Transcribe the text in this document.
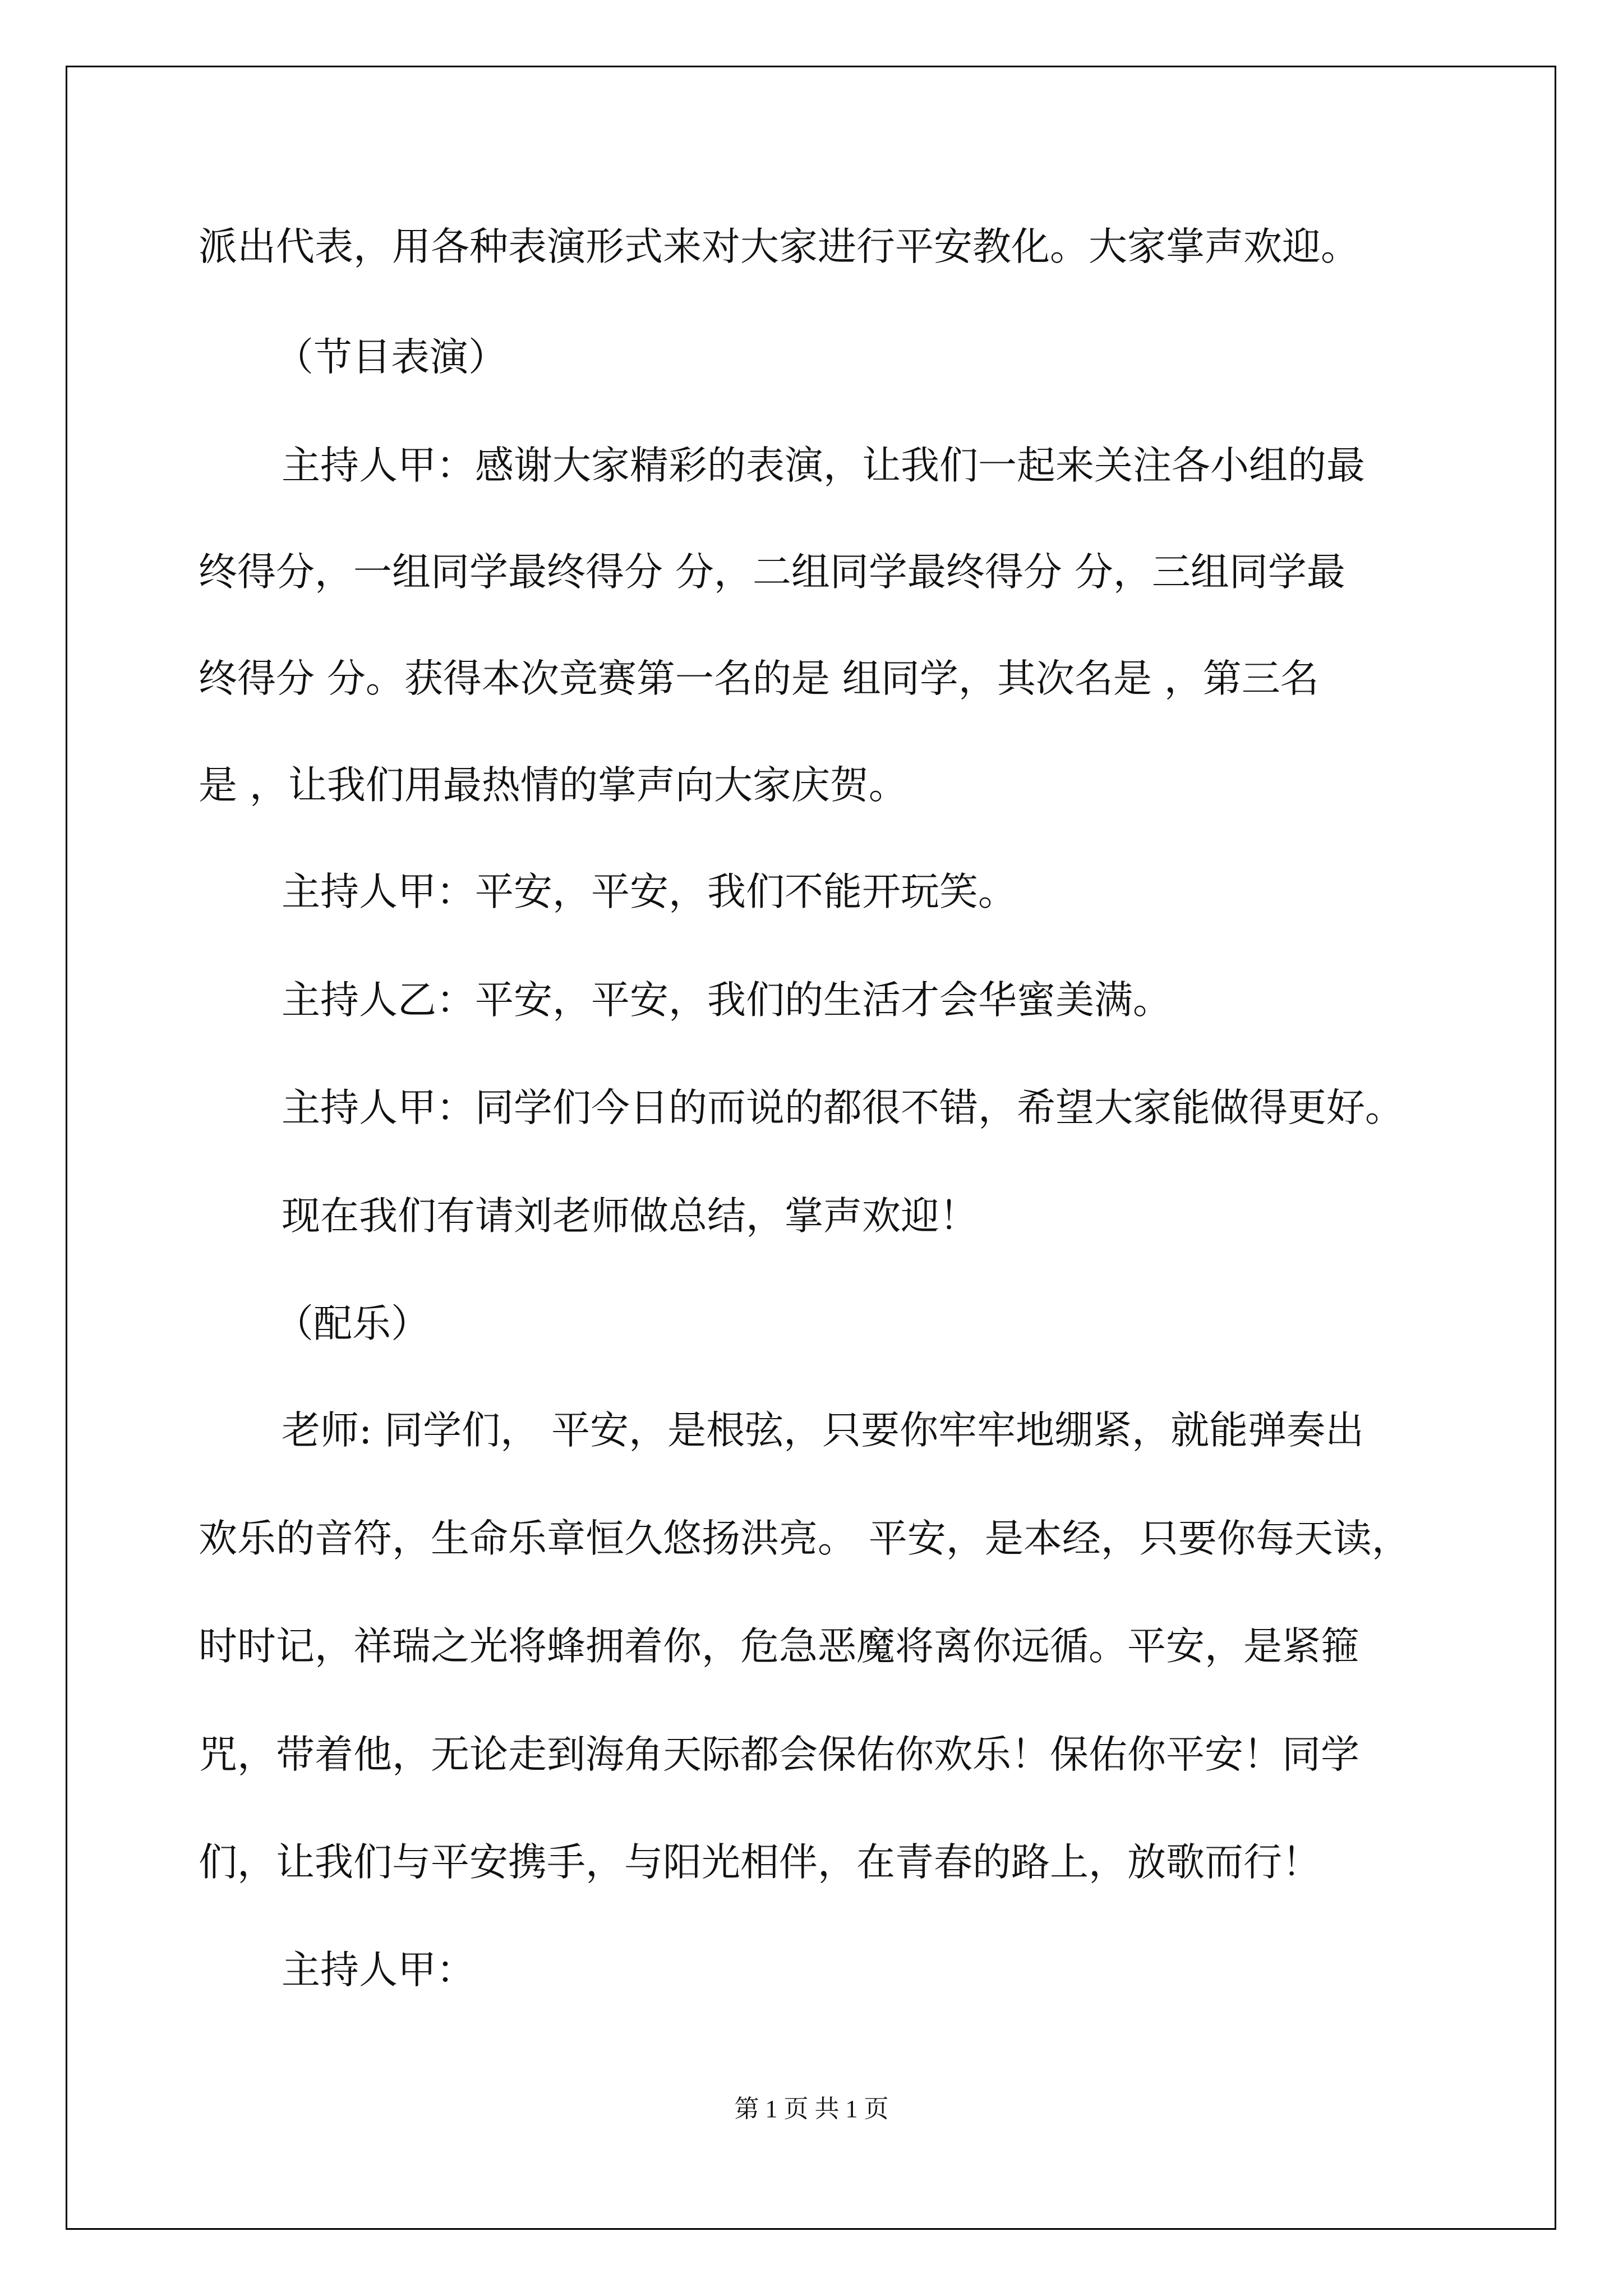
派出代表，用各种表演形式来对大家进行平安教化。大家掌声欢迎。
（节目表演）
主持人甲：感谢大家精彩的表演，让我们一起来关注各小组的最
终得分，一组同学最终得分 分，二组同学最终得分 分，三组同学最
终得分 分。获得本次竞赛第一名的是 组同学，其次名是 ，第三名
是 ，让我们用最热情的掌声向大家庆贺。
主持人甲：平安，平安，我们不能开玩笑。
主持人乙：平安，平安，我们的生活才会华蜜美满。
主持人甲：同学们今日的而说的都很不错，希望大家能做得更好。
现在我们有请刘老师做总结，掌声欢迎！
（配乐）
老师: 同学们， 平安，是根弦，只要你牢牢地绷紧，就能弹奏出
欢乐的音符，生命乐章恒久悠扬洪亮。 平安，是本经，只要你每天读，
时时记，祥瑞之光将蜂拥着你，危急恶魔将离你远循。平安，是紧箍
咒，带着他，无论走到海角天际都会保佑你欢乐！保佑你平安！同学
们，让我们与平安携手，与阳光相伴，在青春的路上，放歌而行！
主持人甲：
第 1 页 共 1 页
